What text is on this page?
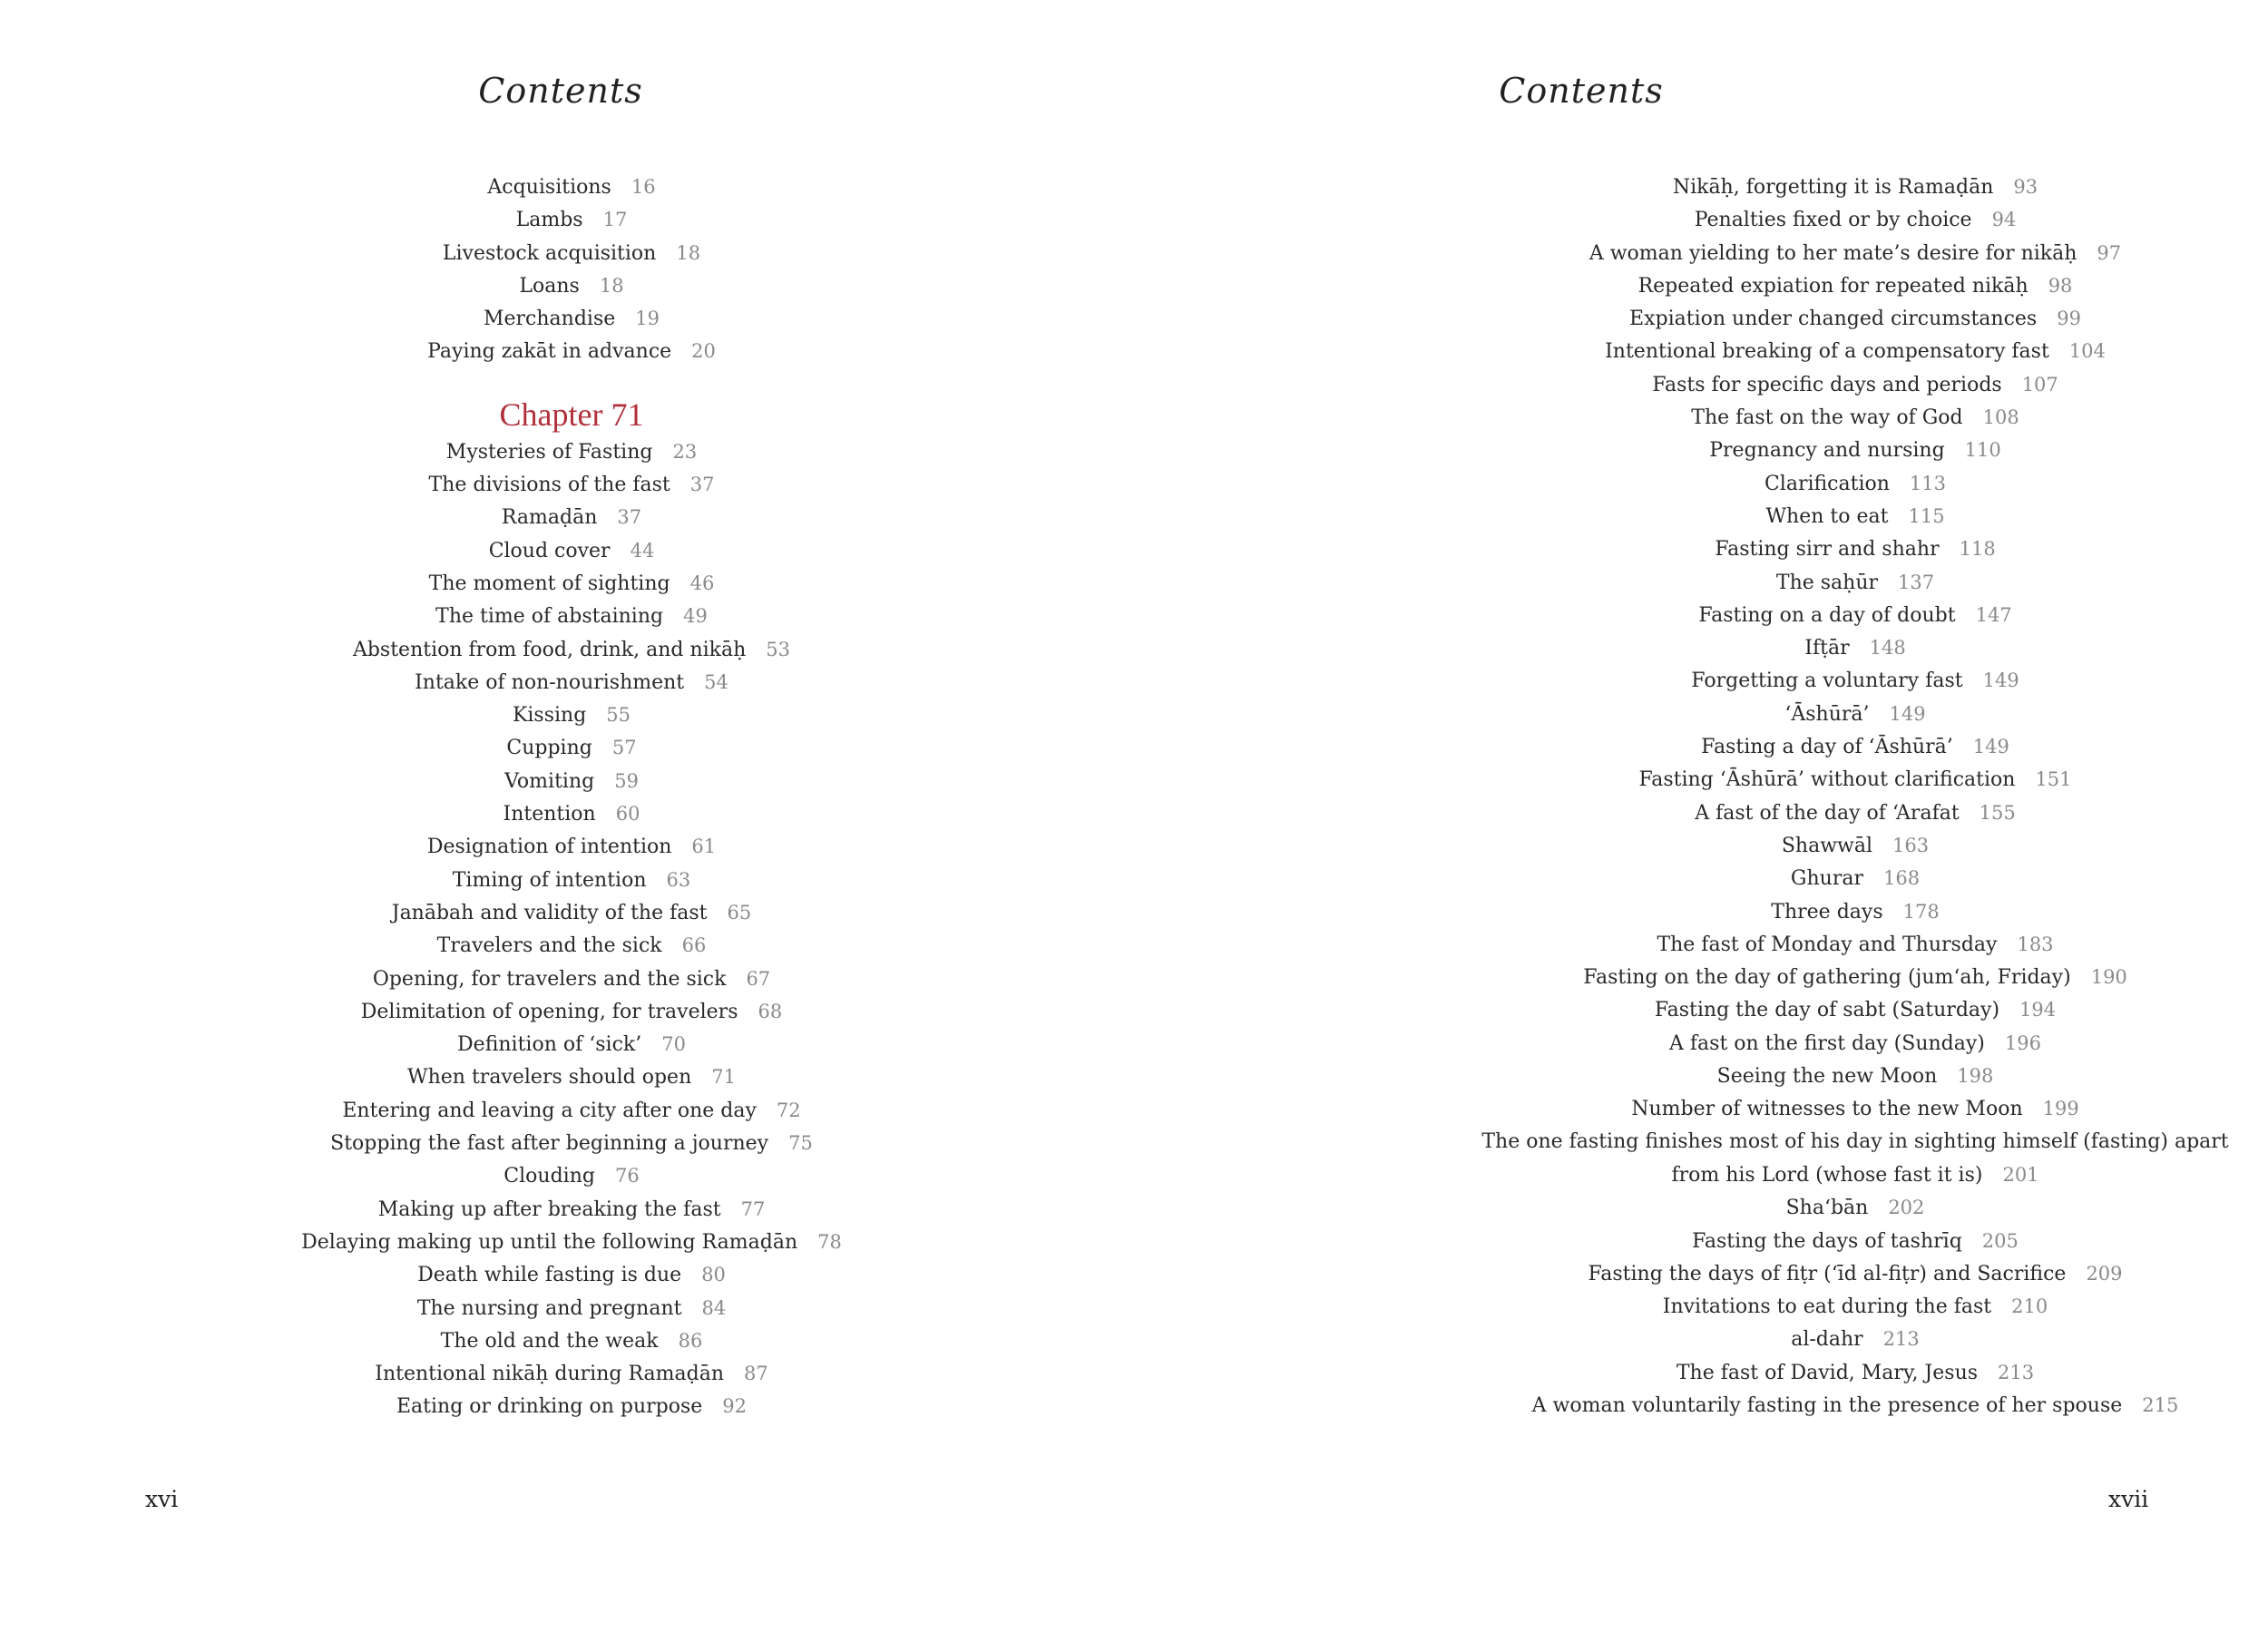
Contents
Acquisitions 16
Lambs 17
Livestock acquisition 18
Loans 18
Merchandise 19
Paying zakāt in advance 20
Chapter 71
Mysteries of Fasting 23
The divisions of the fast 37
Ramaḍān 37
Cloud cover 44
The moment of sighting 46
The time of abstaining 49
Abstention from food, drink, and nikāḥ 53
Intake of non-nourishment 54
Kissing 55
Cupping 57
Vomiting 59
Intention 60
Designation of intention 61
Timing of intention 63
Janābah and validity of the fast 65
Travelers and the sick 66
Opening, for travelers and the sick 67
Delimitation of opening, for travelers 68
Definition of ‘sick’ 70
When travelers should open 71
Entering and leaving a city after one day 72
Stopping the fast after beginning a journey 75
Clouding 76
Making up after breaking the fast 77
Delaying making up until the following Ramaḍān 78
Death while fasting is due 80
The nursing and pregnant 84
The old and the weak 86
Intentional nikāḥ during Ramaḍān 87
Eating or drinking on purpose 92
xvi
Contents
Nikāḥ, forgetting it is Ramaḍān 93
Penalties fixed or by choice 94
A woman yielding to her mate’s desire for nikāḥ 97
Repeated expiation for repeated nikāḥ 98
Expiation under changed circumstances 99
Intentional breaking of a compensatory fast 104
Fasts for specific days and periods 107
The fast on the way of God 108
Pregnancy and nursing 110
Clarification 113
When to eat 115
Fasting sirr and shahr 118
The saḥūr 137
Fasting on a day of doubt 147
Ifṭār 148
Forgetting a voluntary fast 149
‘Āshūrā’ 149
Fasting a day of ‘Āshūrā’ 149
Fasting ‘Āshūrā’ without clarification 151
A fast of the day of ‘Arafat 155
Shawwāl 163
Ghurar 168
Three days 178
The fast of Monday and Thursday 183
Fasting on the day of gathering (jum‘ah, Friday) 190
Fasting the day of sabt (Saturday) 194
A fast on the first day (Sunday) 196
Seeing the new Moon 198
Number of witnesses to the new Moon 199
The one fasting finishes most of his day in sighting himself (fasting) apart
from his Lord (whose fast it is) 201
Sha‘bān 202
Fasting the days of tashrīq 205
Fasting the days of fiṭr (‘īd al-fiṭr) and Sacrifice 209
Invitations to eat during the fast 210
al-dahr 213
The fast of David, Mary, Jesus 213
A woman voluntarily fasting in the presence of her spouse 215
xvii
